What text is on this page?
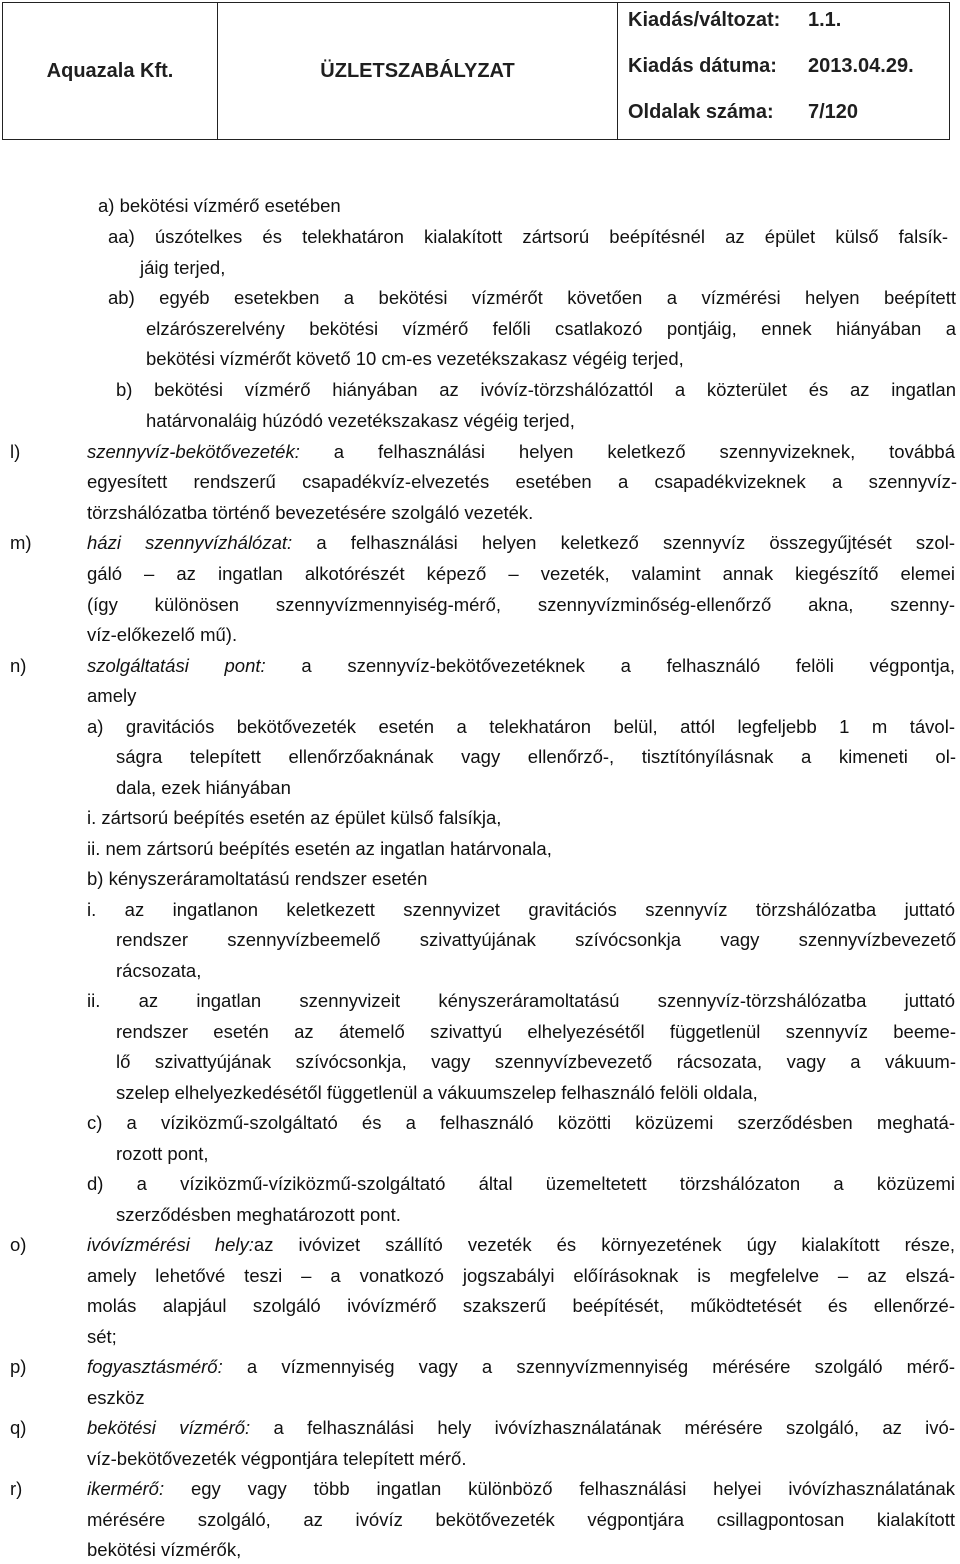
Aquazala Kft.	ÜZLETSZABÁLYZAT
Kiadás/változat: 1.1.
Kiadás dátuma: 2013.04.29.
Oldalak száma: 7/120
a) bekötési vízmérő esetében
aa) úszótelkes és telekhatáron kialakított zártsorú beépítésnél az épület külső falsík-
jáig terjed,
ab) egyéb esetekben a bekötési vízmérőt követően a vízmérési helyen beépített
elzárószerelvény bekötési vízmérő felőli csatlakozó pontjáig, ennek hiányában a
bekötési vízmérőt követő 10 cm-es vezetékszakasz végéig terjed,
b) bekötési vízmérő hiányában az ivóvíz-törzshálózattól a közterület és az ingatlan
határvonaláig húzódó vezetékszakasz végéig terjed,
l)	szennyvíz-bekötővezeték: a felhasználási helyen keletkező szennyvizeknek, továbbá
egyesített rendszerű csapadékvíz-elvezetés esetében a csapadékvizeknek a szennyvíz-
törzshálózatba történő bevezetésére szolgáló vezeték.
m)	házi szennyvízhálózat: a felhasználási helyen keletkező szennyvíz összegyűjtését szol-
gáló – az ingatlan alkotórészét képező – vezeték, valamint annak kiegészítő elemei
(így különösen szennyvízmennyiség-mérő, szennyvízminőség-ellenőrző akna, szenny-
víz-előkezelő mű).
n)	szolgáltatási pont: a szennyvíz-bekötővezetéknek a felhasználó felöli végpontja,
amely
a) gravitációs bekötővezeték esetén a telekhatáron belül, attól legfeljebb 1 m távol-
ságra telepített ellenőrzőaknának vagy ellenőrző-, tisztítónyílásnak a kimeneti ol-
dala, ezek hiányában
i. zártsorú beépítés esetén az épület külső falsíkja,
ii. nem zártsorú beépítés esetén az ingatlan határvonala,
b) kényszeráramoltatású rendszer esetén
i. az ingatlanon keletkezett szennyvizet gravitációs szennyvíz törzshálózatba juttató
rendszer szennyvízbeemelő szivattyújának szívócsonkja vagy szennyvízbevezető
rácsozata,
ii. az ingatlan szennyvizeit kényszeráramoltatású szennyvíz-törzshálózatba juttató
rendszer esetén az átemelő szivattyú elhelyezésétől függetlenül szennyvíz beeme-
lő szivattyújának szívócsonkja, vagy szennyvízbevezető rácsozata, vagy a vákuum-
szelep elhelyezkedésétől függetlenül a vákuumszelep felhasználó felöli oldala,
c) a víziközmű-szolgáltató és a felhasználó közötti közüzemi szerződésben meghatá-
rozott pont,
d) a víziközmű-víziközmű-szolgáltató által üzemeltetett törzshálózaton a közüzemi
szerződésben meghatározott pont.
o)	ivóvízmérési hely:az ivóvizet szállító vezeték és környezetének úgy kialakított része,
amely lehetővé teszi – a vonatkozó jogszabályi előírásoknak is megfelelve – az elszá-
molás alapjául szolgáló ivóvízmérő szakszerű beépítését, működtetését és ellenőrzé-
sét;
p)	fogyasztásmérő: a vízmennyiség vagy a szennyvízmennyiség mérésére szolgáló mérő-
eszköz
q)	bekötési vízmérő: a felhasználási hely ivóvízhasználatának mérésére szolgáló, az ivó-
víz-bekötővezeték végpontjára telepített mérő.
r)	ikermérő: egy vagy több ingatlan különböző felhasználási helyei ivóvízhasználatának
mérésére szolgáló, az ivóvíz bekötővezeték végpontjára csillagpontosan kialakított
bekötési vízmérők,
